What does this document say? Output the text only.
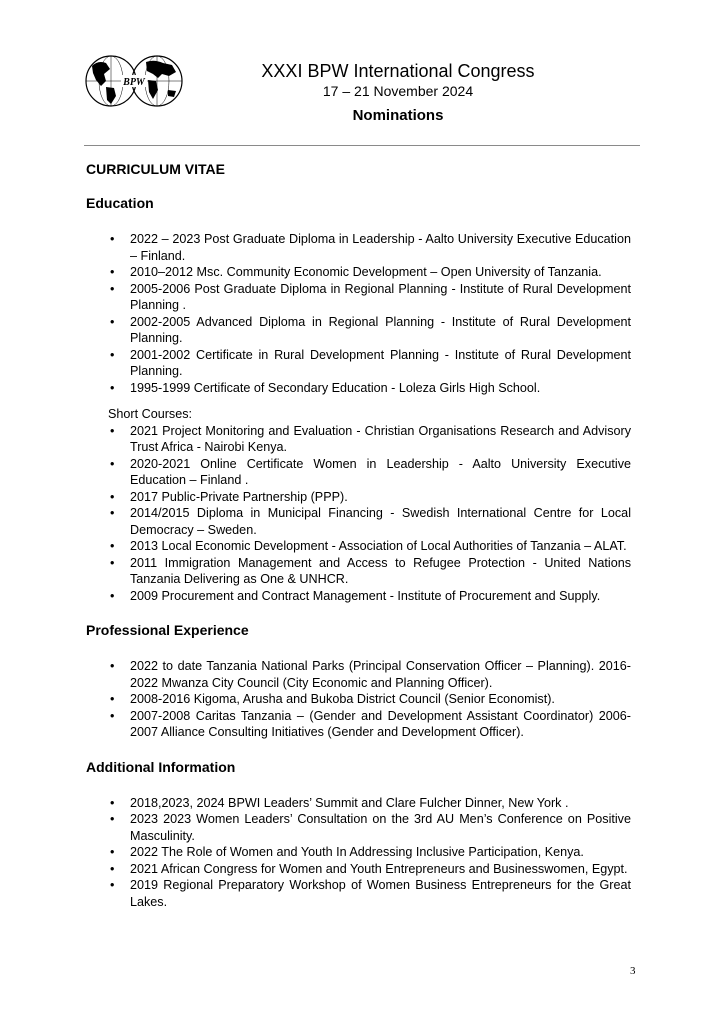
BPW
XXXI BPW International Congress
17 – 21 November 2024
Nominations
CURRICULUM VITAE
Education
• 2022 – 2023 Post Graduate Diploma in Leadership - Aalto University Executive Education – Finland.
• 2010–2012 Msc. Community Economic Development – Open University of Tanzania.
• 2005-2006 Post Graduate Diploma in Regional Planning - Institute of Rural Development Planning .
• 2002-2005 Advanced Diploma in Regional Planning - Institute of Rural Development Planning.
• 2001-2002 Certificate in Rural Development Planning - Institute of Rural Development Planning.
• 1995-1999 Certificate of Secondary Education - Loleza Girls High School.
Short Courses:
• 2021 Project Monitoring and Evaluation - Christian Organisations Research and Advisory Trust Africa - Nairobi Kenya.
• 2020-2021 Online Certificate Women in Leadership - Aalto University Executive Education – Finland .
• 2017 Public-Private Partnership (PPP).
• 2014/2015 Diploma in Municipal Financing - Swedish International Centre for Local Democracy – Sweden.
• 2013 Local Economic Development - Association of Local Authorities of Tanzania – ALAT.
• 2011 Immigration Management and Access to Refugee Protection - United Nations Tanzania Delivering as One & UNHCR.
• 2009 Procurement and Contract Management - Institute of Procurement and Supply.
Professional Experience
• 2022 to date Tanzania National Parks (Principal Conservation Officer – Planning). 2016-2022 Mwanza City Council (City Economic and Planning Officer).
• 2008-2016 Kigoma, Arusha and Bukoba District Council (Senior Economist).
• 2007-2008 Caritas Tanzania – (Gender and Development Assistant Coordinator) 2006-2007 Alliance Consulting Initiatives (Gender and Development Officer).
Additional Information
• 2018,2023, 2024 BPWI Leaders’ Summit and Clare Fulcher Dinner, New York .
• 2023 2023 Women Leaders’ Consultation on the 3rd AU Men’s Conference on Positive Masculinity.
• 2022 The Role of Women and Youth In Addressing Inclusive Participation, Kenya.
• 2021 African Congress for Women and Youth Entrepreneurs and Businesswomen, Egypt.
• 2019 Regional Preparatory Workshop of Women Business Entrepreneurs for the Great Lakes.
3
